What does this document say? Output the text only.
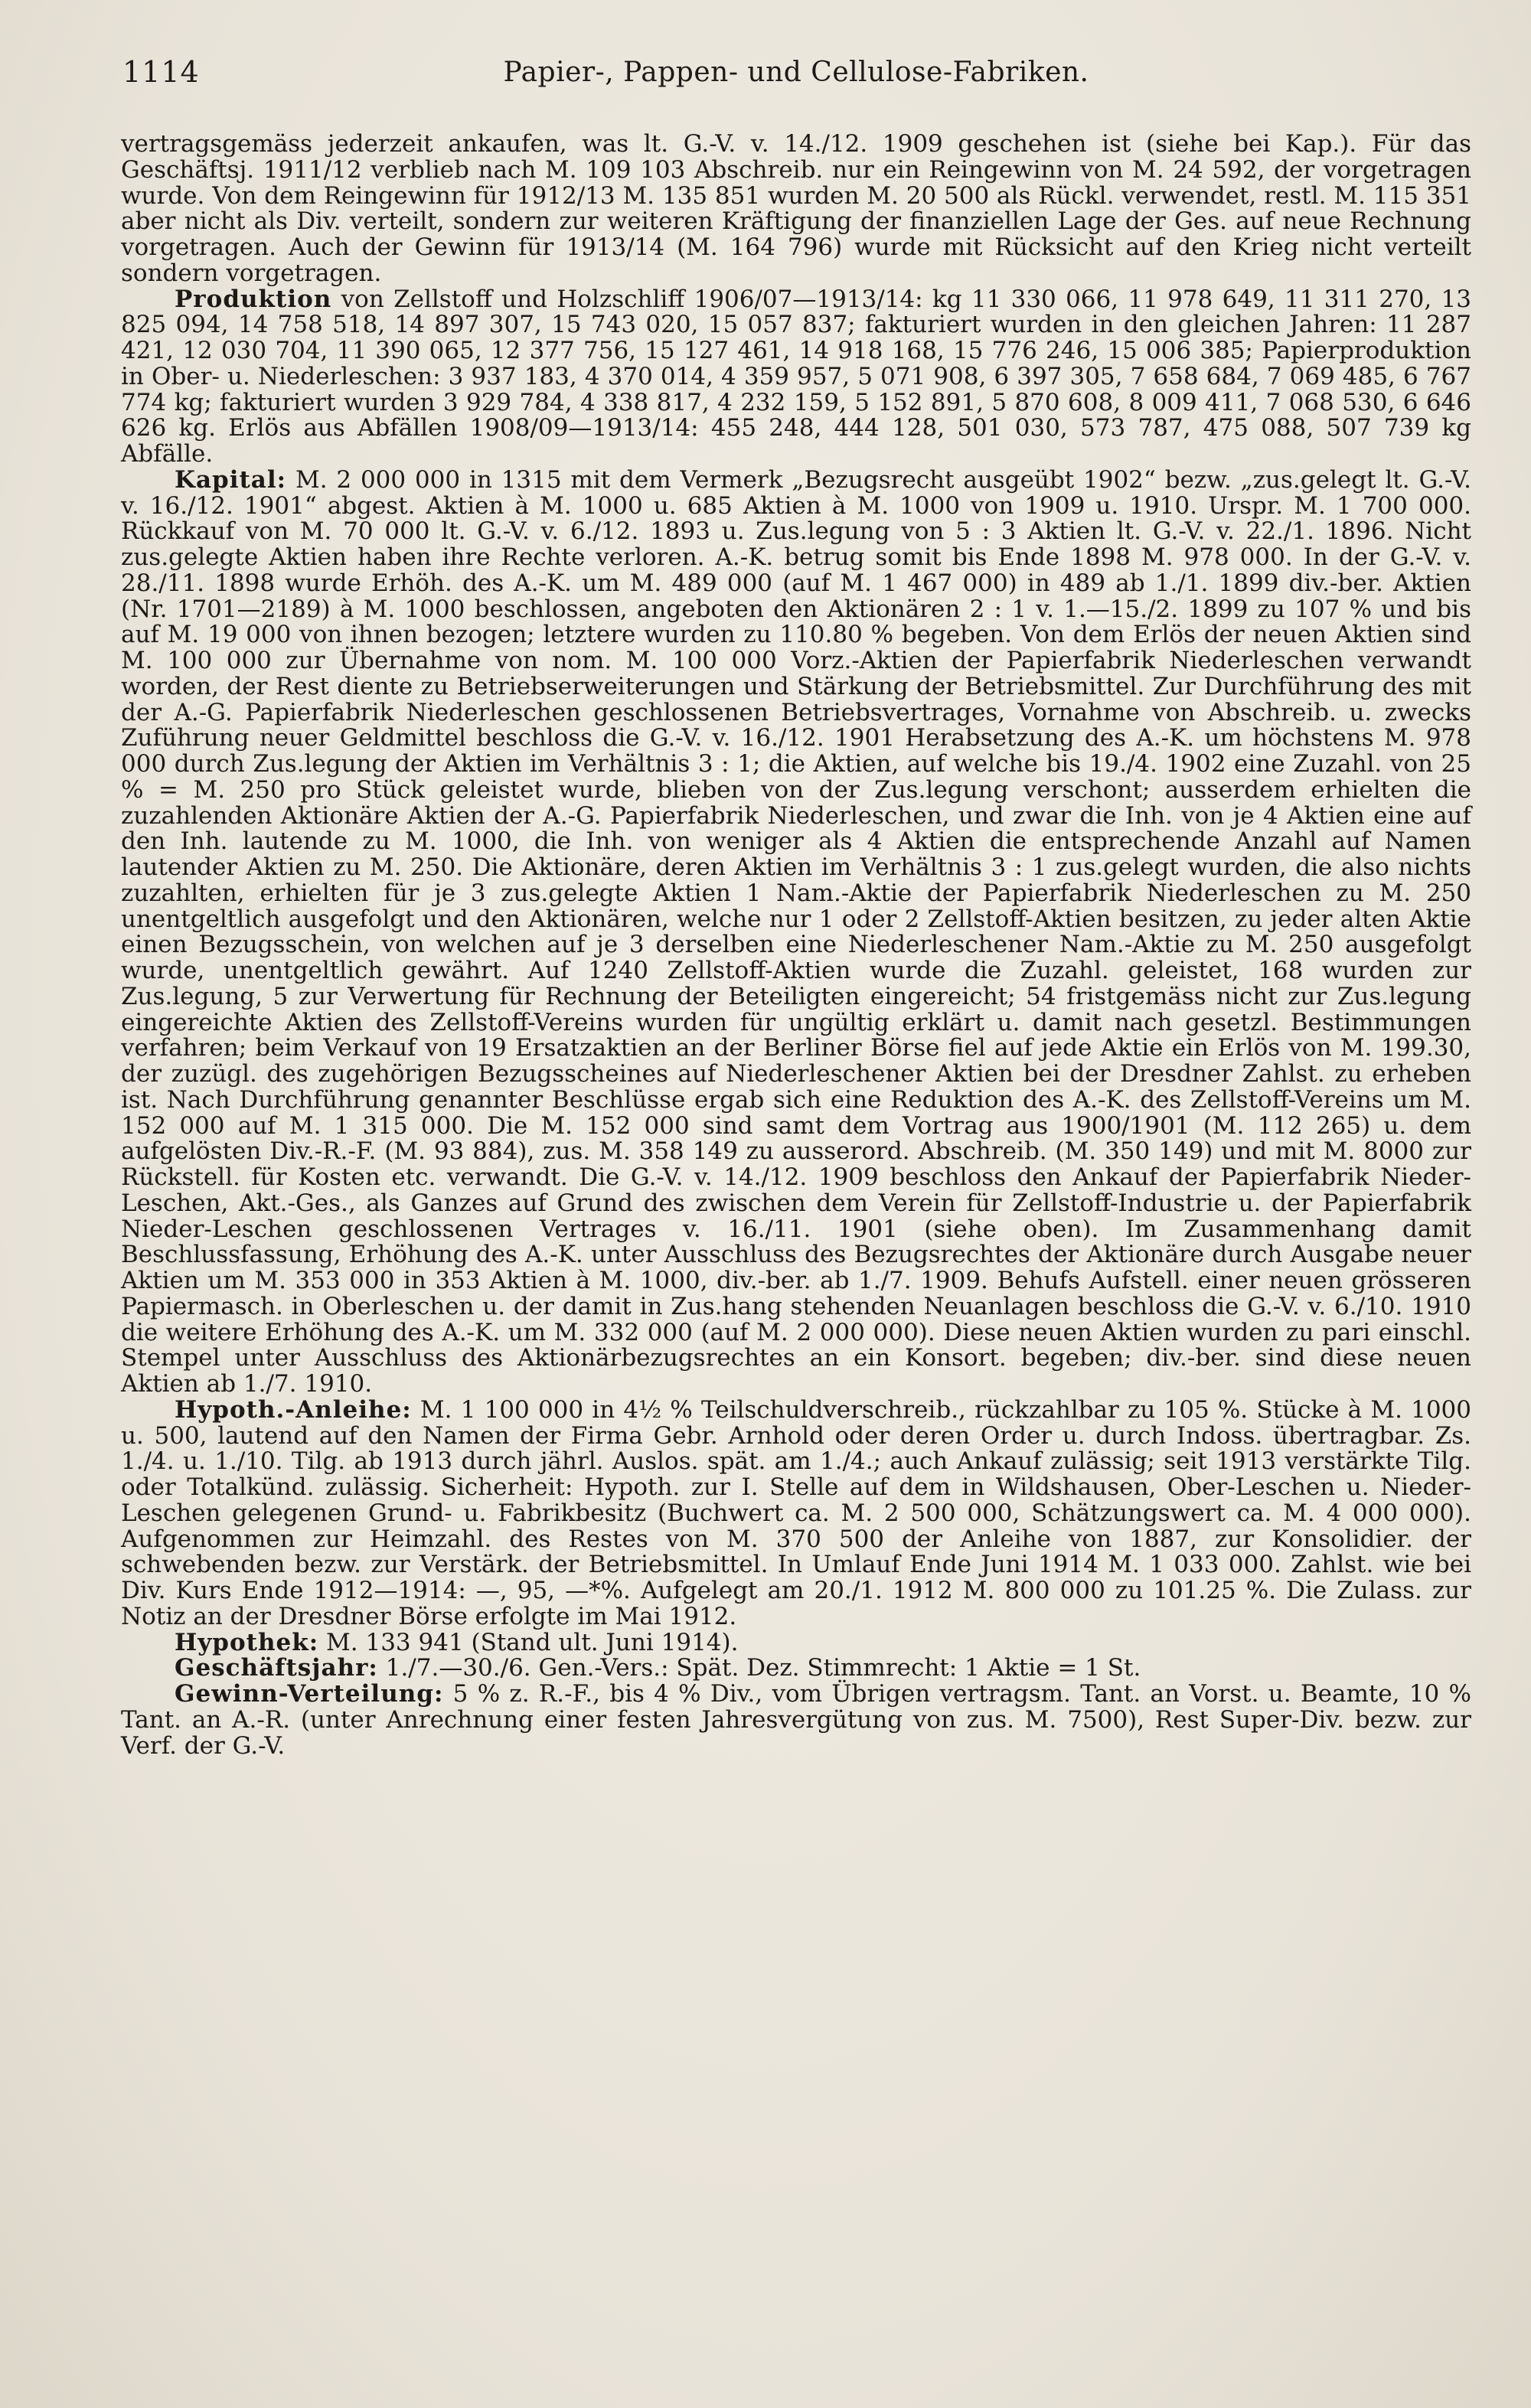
1114	Papier-, Pappen- und Cellulose-Fabriken.

vertragsgemäss jederzeit ankaufen, was lt. G.-V. v. 14./12. 1909 geschehen ist (siehe bei Kap.). Für das Geschäftsj. 1911/12 verblieb nach M. 109 103 Abschreib. nur ein Reingewinn von M. 24 592, der vorgetragen wurde. Von dem Reingewinn für 1912/13 M. 135 851 wurden M. 20 500 als Rückl. verwendet, restl. M. 115 351 aber nicht als Div. verteilt, sondern zur weiteren Kräftigung der finanziellen Lage der Ges. auf neue Rechnung vorgetragen. Auch der Gewinn für 1913/14 (M. 164 796) wurde mit Rücksicht auf den Krieg nicht verteilt sondern vorgetragen.

Produktion von Zellstoff und Holzschliff 1906/07—1913/14: kg 11 330 066, 11 978 649, 11 311 270, 13 825 094, 14 758 518, 14 897 307, 15 743 020, 15 057 837; fakturiert wurden in den gleichen Jahren: 11 287 421, 12 030 704, 11 390 065, 12 377 756, 15 127 461, 14 918 168, 15 776 246, 15 006 385; Papierproduktion in Ober- u. Niederleschen: 3 937 183, 4 370 014, 4 359 957, 5 071 908, 6 397 305, 7 658 684, 7 069 485, 6 767 774 kg; fakturiert wurden 3 929 784, 4 338 817, 4 232 159, 5 152 891, 5 870 608, 8 009 411, 7 068 530, 6 646 626 kg. Erlös aus Abfällen 1908/09—1913/14: 455 248, 444 128, 501 030, 573 787, 475 088, 507 739 kg Abfälle.

Kapital: M. 2 000 000 in 1315 mit dem Vermerk „Bezugsrecht ausgeübt 1902“ bezw. „zus.gelegt lt. G.-V. v. 16./12. 1901“ abgest. Aktien à M. 1000 u. 685 Aktien à M. 1000 von 1909 u. 1910. Urspr. M. 1 700 000. Rückkauf von M. 70 000 lt. G.-V. v. 6./12. 1893 u. Zus.legung von 5 : 3 Aktien lt. G.-V. v. 22./1. 1896. Nicht zus.gelegte Aktien haben ihre Rechte verloren. A.-K. betrug somit bis Ende 1898 M. 978 000. In der G.-V. v. 28./11. 1898 wurde Erhöh. des A.-K. um M. 489 000 (auf M. 1 467 000) in 489 ab 1./1. 1899 div.-ber. Aktien (Nr. 1701—2189) à M. 1000 beschlossen, angeboten den Aktionären 2 : 1 v. 1.—15./2. 1899 zu 107 % und bis auf M. 19 000 von ihnen bezogen; letztere wurden zu 110.80 % begeben. Von dem Erlös der neuen Aktien sind M. 100 000 zur Übernahme von nom. M. 100 000 Vorz.-Aktien der Papierfabrik Niederleschen verwandt worden, der Rest diente zu Betriebserweiterungen und Stärkung der Betriebsmittel. Zur Durchführung des mit der A.-G. Papierfabrik Niederleschen geschlossenen Betriebsvertrages, Vornahme von Abschreib. u. zwecks Zuführung neuer Geldmittel beschloss die G.-V. v. 16./12. 1901 Herabsetzung des A.-K. um höchstens M. 978 000 durch Zus.legung der Aktien im Verhältnis 3 : 1; die Aktien, auf welche bis 19./4. 1902 eine Zuzahl. von 25 % = M. 250 pro Stück geleistet wurde, blieben von der Zus.legung verschont; ausserdem erhielten die zuzahlenden Aktionäre Aktien der A.-G. Papierfabrik Niederleschen, und zwar die Inh. von je 4 Aktien eine auf den Inh. lautende zu M. 1000, die Inh. von weniger als 4 Aktien die entsprechende Anzahl auf Namen lautender Aktien zu M. 250. Die Aktionäre, deren Aktien im Verhältnis 3 : 1 zus.gelegt wurden, die also nichts zuzahlten, erhielten für je 3 zus.gelegte Aktien 1 Nam.-Aktie der Papierfabrik Niederleschen zu M. 250 unentgeltlich ausgefolgt und den Aktionären, welche nur 1 oder 2 Zellstoff-Aktien besitzen, zu jeder alten Aktie einen Bezugsschein, von welchen auf je 3 derselben eine Niederleschener Nam.-Aktie zu M. 250 ausgefolgt wurde, unentgeltlich gewährt. Auf 1240 Zellstoff-Aktien wurde die Zuzahl. geleistet, 168 wurden zur Zus.legung, 5 zur Verwertung für Rechnung der Beteiligten eingereicht; 54 fristgemäss nicht zur Zus.legung eingereichte Aktien des Zellstoff-Vereins wurden für ungültig erklärt u. damit nach gesetzl. Bestimmungen verfahren; beim Verkauf von 19 Ersatzaktien an der Berliner Börse fiel auf jede Aktie ein Erlös von M. 199.30, der zuzügl. des zugehörigen Bezugsscheines auf Niederleschener Aktien bei der Dresdner Zahlst. zu erheben ist. Nach Durchführung genannter Beschlüsse ergab sich eine Reduktion des A.-K. des Zellstoff-Vereins um M. 152 000 auf M. 1 315 000. Die M. 152 000 sind samt dem Vortrag aus 1900/1901 (M. 112 265) u. dem aufgelösten Div.-R.-F. (M. 93 884), zus. M. 358 149 zu ausserord. Abschreib. (M. 350 149) und mit M. 8000 zur Rückstell. für Kosten etc. verwandt. Die G.-V. v. 14./12. 1909 beschloss den Ankauf der Papierfabrik Nieder-Leschen, Akt.-Ges., als Ganzes auf Grund des zwischen dem Verein für Zellstoff-Industrie u. der Papierfabrik Nieder-Leschen geschlossenen Vertrages v. 16./11. 1901 (siehe oben). Im Zusammenhang damit Beschlussfassung, Erhöhung des A.-K. unter Ausschluss des Bezugsrechtes der Aktionäre durch Ausgabe neuer Aktien um M. 353 000 in 353 Aktien à M. 1000, div.-ber. ab 1./7. 1909. Behufs Aufstell. einer neuen grösseren Papiermasch. in Oberleschen u. der damit in Zus.hang stehenden Neuanlagen beschloss die G.-V. v. 6./10. 1910 die weitere Erhöhung des A.-K. um M. 332 000 (auf M. 2 000 000). Diese neuen Aktien wurden zu pari einschl. Stempel unter Ausschluss des Aktionärbezugsrechtes an ein Konsort. begeben; div.-ber. sind diese neuen Aktien ab 1./7. 1910.

Hypoth.-Anleihe: M. 1 100 000 in 4½ % Teilschuldverschreib., rückzahlbar zu 105 %. Stücke à M. 1000 u. 500, lautend auf den Namen der Firma Gebr. Arnhold oder deren Order u. durch Indoss. übertragbar. Zs. 1./4. u. 1./10. Tilg. ab 1913 durch jährl. Auslos. spät. am 1./4.; auch Ankauf zulässig; seit 1913 verstärkte Tilg. oder Totalkünd. zulässig. Sicherheit: Hypoth. zur I. Stelle auf dem in Wildshausen, Ober-Leschen u. Nieder-Leschen gelegenen Grund- u. Fabrikbesitz (Buchwert ca. M. 2 500 000, Schätzungswert ca. M. 4 000 000). Aufgenommen zur Heimzahl. des Restes von M. 370 500 der Anleihe von 1887, zur Konsolidier. der schwebenden bezw. zur Verstärk. der Betriebsmittel. In Umlauf Ende Juni 1914 M. 1 033 000. Zahlst. wie bei Div. Kurs Ende 1912—1914: —, 95, —*%. Aufgelegt am 20./1. 1912 M. 800 000 zu 101.25 %. Die Zulass. zur Notiz an der Dresdner Börse erfolgte im Mai 1912.

Hypothek: M. 133 941 (Stand ult. Juni 1914).

Geschäftsjahr: 1./7.—30./6. Gen.-Vers.: Spät. Dez. Stimmrecht: 1 Aktie = 1 St.

Gewinn-Verteilung: 5 % z. R.-F., bis 4 % Div., vom Übrigen vertragsm. Tant. an Vorst. u. Beamte, 10 % Tant. an A.-R. (unter Anrechnung einer festen Jahresvergütung von zus. M. 7500), Rest Super-Div. bezw. zur Verf. der G.-V.
